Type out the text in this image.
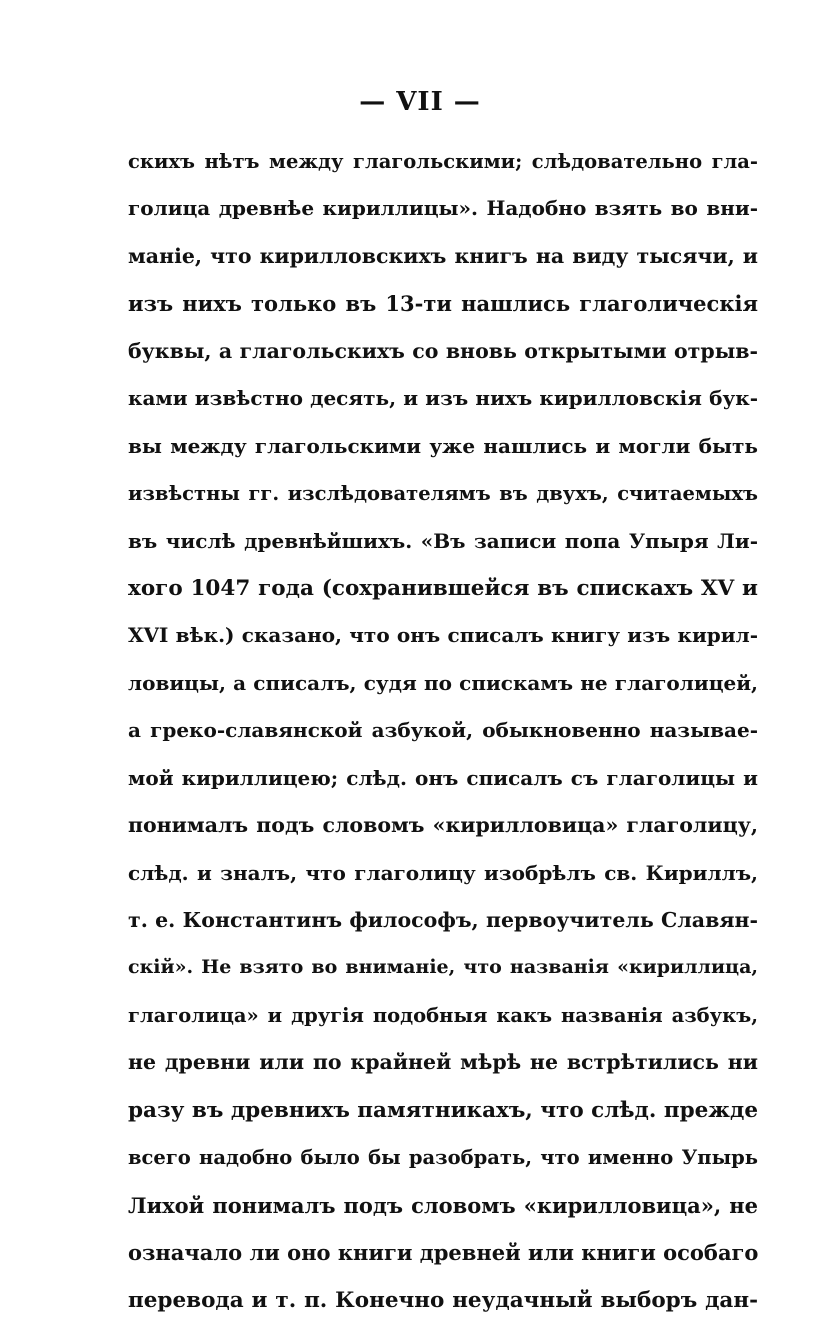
— VII —
скихъ нѣтъ между глагольскими; слѣдовательно гла-
голица древнѣе кириллицы». Надобно взять во вни-
маніе, что кирилловскихъ книгъ на виду тысячи, и
изъ нихъ только въ 13-ти нашлись глаголическія
буквы, а глагольскихъ со вновь открытыми отрыв-
ками извѣстно десять, и изъ нихъ кирилловскія бук-
вы между глагольскими уже нашлись и могли быть
извѣстны гг. изслѣдователямъ въ двухъ, считаемыхъ
въ числѣ древнѣйшихъ. «Въ записи попа Упыря Ли-
хого 1047 года (сохранившейся въ спискахъ XV и
XVI вѣк.) сказано, что онъ списалъ книгу изъ кирил-
ловицы, а списалъ, судя по спискамъ не глаголицей,
а греко-славянской азбукой, обыкновенно называе-
мой кириллицею; слѣд. онъ списалъ съ глаголицы и
понималъ подъ словомъ «кирилловица» глаголицу,
слѣд. и зналъ, что глаголицу изобрѣлъ св. Кириллъ,
т. е. Константинъ философъ, первоучитель Славян-
скій». Не взято во вниманіе, что названія «кириллица,
глаголица» и другія подобныя какъ названія азбукъ,
не древни или по крайней мѣрѣ не встрѣтились ни
разу въ древнихъ памятникахъ, что слѣд. прежде
всего надобно было бы разобрать, что именно Упырь
Лихой понималъ подъ словомъ «кирилловица», не
означало ли оно книги древней или книги особагo
перевода и т. п. Конечно неудачный выборъ дан-
